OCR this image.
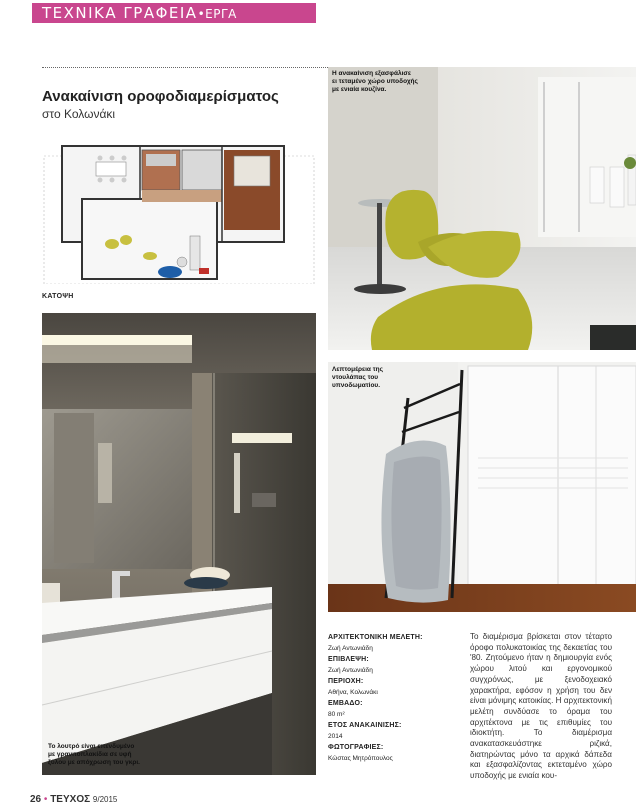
ΤΕΧΝΙΚΑ ΓΡΑΦΕΙΑ•ΕΡΓΑ
Ανακαίνιση οροφοδιαμερίσματος
στο Κολωνάκι
ΚΑΤΟΨΗ
Η ανακαίνιση εξασφάλισε
ει τεταμένο χώρο υποδοχής
με ενιαία κουζίνα.
Το λουτρό είναι επενδυμένο
με γρανιτοπλακίδια σε υφή
ξύλου με απόχρωση του γκρι.
Λεπτομέρεια της
ντουλάπας του
υπνοδωματίου.
ΑΡΧΙΤΕΚΤΟΝΙΚΗ ΜΕΛΕΤΗ:
Ζωή Αντωνιάδη
ΕΠΙΒΛΕΨΗ:
Ζωή Αντωνιάδη
ΠΕΡΙΟΧΗ:
Αθήνα, Κολωνάκι
ΕΜΒΑΔΟ:
80 m²
ΕΤΟΣ ΑΝΑΚΑΙΝΙΣΗΣ:
2014
ΦΩΤΟΓΡΑΦΙΕΣ:
Κώστας Μητρόπουλος
Το διαμέρισμα βρίσκεται στον τέταρτο όροφο πολυκατοικίας της δεκαετίας του '80. Ζητούμενο ήταν η δημιουργία ενός χώρου λιτού και εργονομικού συγχρόνως, με ξενοδοχειακό χαρακτήρα, εφόσον η χρήση του δεν είναι μόνιμης κατοικίας. Η αρχιτεκτονική μελέτη συνδύασε το όραμα του αρχιτέκτονα με τις επιθυμίες του ιδιοκτήτη. Το διαμέρισμα ανακατασκευάστηκε ριζικά, διατηρώντας μόνο τα αρχικά δάπεδα και εξασφαλίζοντας εκτεταμένο χώρο υποδοχής με ενιαία κου-
26 • ΤΕΥΧΟΣ 9/2015
